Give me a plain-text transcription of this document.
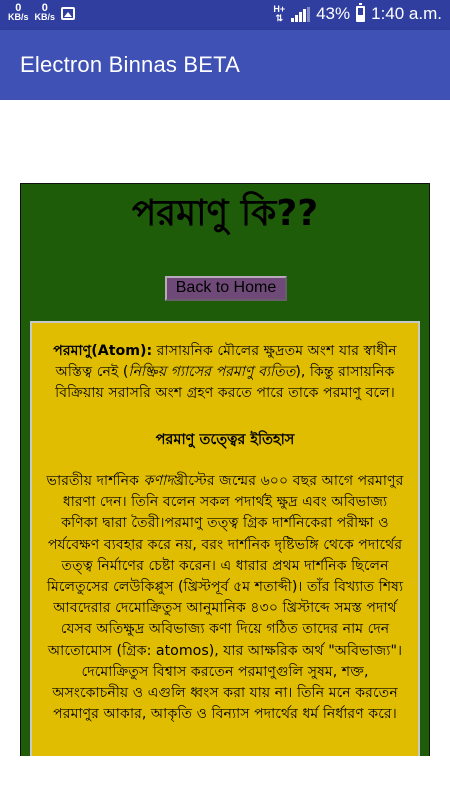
0
KB/s
0
KB/s
H+
⇅ 43% 1:40 a.m.
Electron Binnas BETA
পরমাণু কি??
Back to Home

পরমাণু(Atom): রাসায়নিক মৌলের ক্ষুদ্রতম অংশ যার স্বাধীন অস্তিত্ব নেই (নিষ্ক্রিয় গ্যাসের পরমাণু ব্যতিত), কিন্তু রাসায়নিক বিক্রিয়ায় সরাসরি অংশ গ্রহণ করতে পারে তাকে পরমাণু বলে।

পরমাণু তত্ত্বের ইতিহাস

ভারতীয় দার্শনিক কণাদখ্রীস্টের জন্মের ৬০০ বছর আগে পরমাণুর ধারণা দেন। তিনি বলেন সকল পদার্থই ক্ষুদ্র এবং অবিভাজ্য কণিকা দ্বারা তৈরী।পরমাণু তত্ত্ব গ্রিক দার্শনিকেরা পরীক্ষা ও পর্যবেক্ষণ ব্যবহার করে নয়, বরং দার্শনিক দৃষ্টিভঙ্গি থেকে পদার্থের তত্ত্ব নির্মাণের চেষ্টা করেন। এ ধারার প্রথম দার্শনিক ছিলেন মিলেতুসের লেউকিপ্পুস (খ্রিস্টপূর্ব ৫ম শতাব্দী)। তাঁর বিখ্যাত শিষ্য আবদেরার দেমোক্রিতুস আনুমানিক ৪৩০ খ্রিস্টাব্দে সমস্ত পদার্থ যেসব অতিক্ষুদ্র অবিভাজ্য কণা দিয়ে গঠিত তাদের নাম দেন আতোমোস (গ্রিক: atomos), যার আক্ষরিক অর্থ "অবিভাজ্য"। দেমোক্রিতুস বিশ্বাস করতেন পরমাণুগুলি সুষম, শক্ত, অসংকোচনীয় ও এগুলি ধ্বংস করা যায় না। তিনি মনে করতেন পরমাণুর আকার, আকৃতি ও বিন্যাস পদার্থের ধর্ম নির্ধারণ করে।
